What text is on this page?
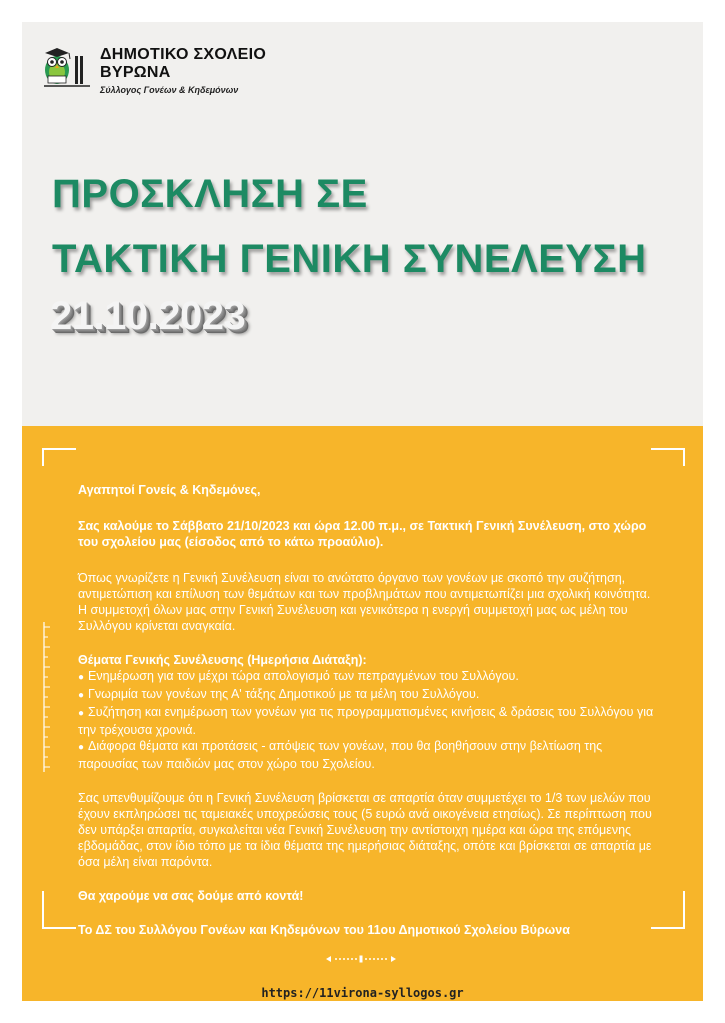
ΔΗΜΟΤΙΚΟ ΣΧΟΛΕΙΟ
ΒΥΡΩΝΑ
Σύλλογος Γονέων & Κηδεμόνων
ΠΡΟΣΚΛΗΣΗ ΣΕ
ΤΑΚΤΙΚΗ ΓΕΝΙΚΗ ΣΥΝΕΛΕΥΣΗ
21.10.2023

Αγαπητοί Γονείς & Κηδεμόνες,

Σας καλούμε το Σάββατο 21/10/2023 και ώρα 12.00 π.μ., σε Τακτική Γενική Συνέλευση, στο χώρο του σχολείου μας (είσοδος από το κάτω προαύλιο).

Όπως γνωρίζετε η Γενική Συνέλευση είναι το ανώτατο όργανο των γονέων με σκοπό την συζήτηση, αντιμετώπιση και επίλυση των θεμάτων και των προβλημάτων που αντιμετωπίζει μια σχολική κοινότητα. Η συμμετοχή όλων μας στην Γενική Συνέλευση και γενικότερα η ενεργή συμμετοχή μας ως μέλη του Συλλόγου κρίνεται αναγκαία.

Θέματα Γενικής Συνέλευσης (Ημερήσια Διάταξη):
● Ενημέρωση για τον μέχρι τώρα απολογισμό των πεπραγμένων του Συλλόγου.
● Γνωριμία των γονέων της Α' τάξης Δημοτικού με τα μέλη του Συλλόγου.
● Συζήτηση και ενημέρωση των γονέων για τις προγραμματισμένες κινήσεις & δράσεις του Συλλόγου για την τρέχουσα χρονιά.
● Διάφορα θέματα και προτάσεις - απόψεις των γονέων, που θα βοηθήσουν στην βελτίωση της παρουσίας των παιδιών μας στον χώρο του Σχολείου.

Σας υπενθυμίζουμε ότι η Γενική Συνέλευση βρίσκεται σε απαρτία όταν συμμετέχει το 1/3 των μελών που έχουν εκπληρώσει τις ταμειακές υποχρεώσεις τους (5 ευρώ ανά οικογένεια ετησίως). Σε περίπτωση που δεν υπάρξει απαρτία, συγκαλείται νέα Γενική Συνέλευση την αντίστοιχη ημέρα και ώρα της επόμενης εβδομάδας, στον ίδιο τόπο με τα ίδια θέματα της ημερήσιας διάταξης, οπότε και βρίσκεται σε απαρτία με όσα μέλη είναι παρόντα.

Θα χαρούμε να σας δούμε από κοντά!

Το ΔΣ του Συλλόγου Γονέων και Κηδεμόνων του 11ου Δημοτικού Σχολείου Βύρωνα

https://11virona-syllogos.gr
